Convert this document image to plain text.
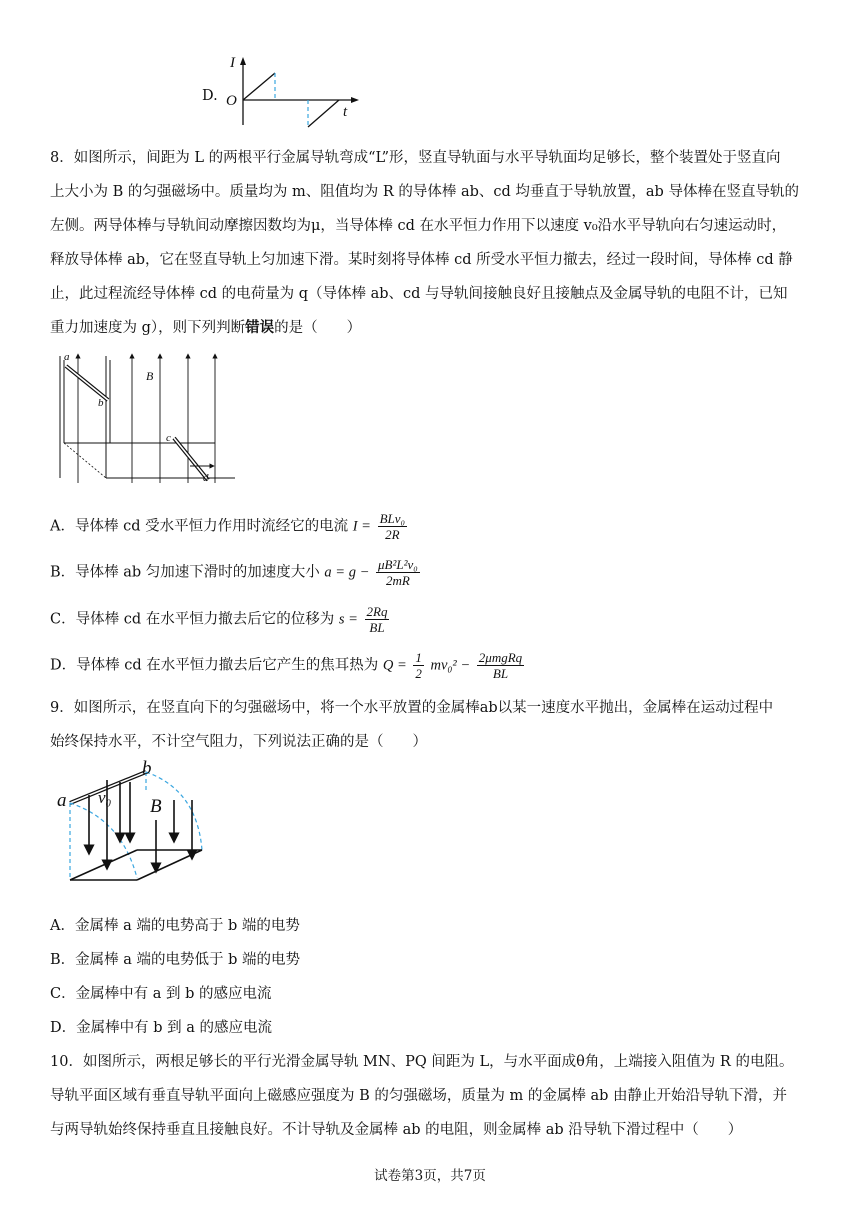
D.
I
O
t
8．如图所示，间距为 L 的两根平行金属导轨弯成“L”形，竖直导轨面与水平导轨面均足够长，整个装置处于竖直向
上大小为 B 的匀强磁场中。质量均为 m、阻值均为 R 的导体棒 ab、cd 均垂直于导轨放置，ab 导体棒在竖直导轨的
左侧。两导体棒与导轨间动摩擦因数均为μ，当导体棒 cd 在水平恒力作用下以速度 v₀沿水平导轨向右匀速运动时，
释放导体棒 ab，它在竖直导轨上匀加速下滑。某时刻将导体棒 cd 所受水平恒力撤去，经过一段时间，导体棒 cd 静
止，此过程流经导体棒 cd 的电荷量为 q（导体棒 ab、cd 与导轨间接触良好且接触点及金属导轨的电阻不计，已知
重力加速度为 g），则下列判断错误的是（　　）
a
b
c
d
B
A．导体棒 cd 受水平恒力作用时流经它的电流 $I = \frac{\text{BLv₀}}{2R}$
B．导体棒 ab 匀加速下滑时的加速度大小 $a = g - \frac{\text{μB²L²v₀}}{2mR}$
C．导体棒 cd 在水平恒力撤去后它的位移为 $s = \frac{2Rq}{BL}$
D．导体棒 cd 在水平恒力撤去后它产生的焦耳热为 $Q = \frac{1}{2} mv_0^2 - \frac{\text{2μmgRq}}{BL}$
9．如图所示，在竖直向下的匀强磁场中，将一个水平放置的金属棒ab以某一速度水平抛出，金属棒在运动过程中
始终保持水平，不计空气阻力，下列说法正确的是（　　）
a
b
v₀ B
A．金属棒 a 端的电势高于 b 端的电势
B．金属棒 a 端的电势低于 b 端的电势
C．金属棒中有 a 到 b 的感应电流
D．金属棒中有 b 到 a 的感应电流
10．如图所示，两根足够长的平行光滑金属导轨 MN、PQ 间距为 L，与水平面成θ角，上端接入阻值为 R 的电阻。
导轨平面区域有垂直导轨平面向上磁感应强度为 B 的匀强磁场，质量为 m 的金属棒 ab 由静止开始沿导轨下滑，并
与两导轨始终保持垂直且接触良好。不计导轨及金属棒 ab 的电阻，则金属棒 ab 沿导轨下滑过程中（　　）
试卷第3页，共7页
